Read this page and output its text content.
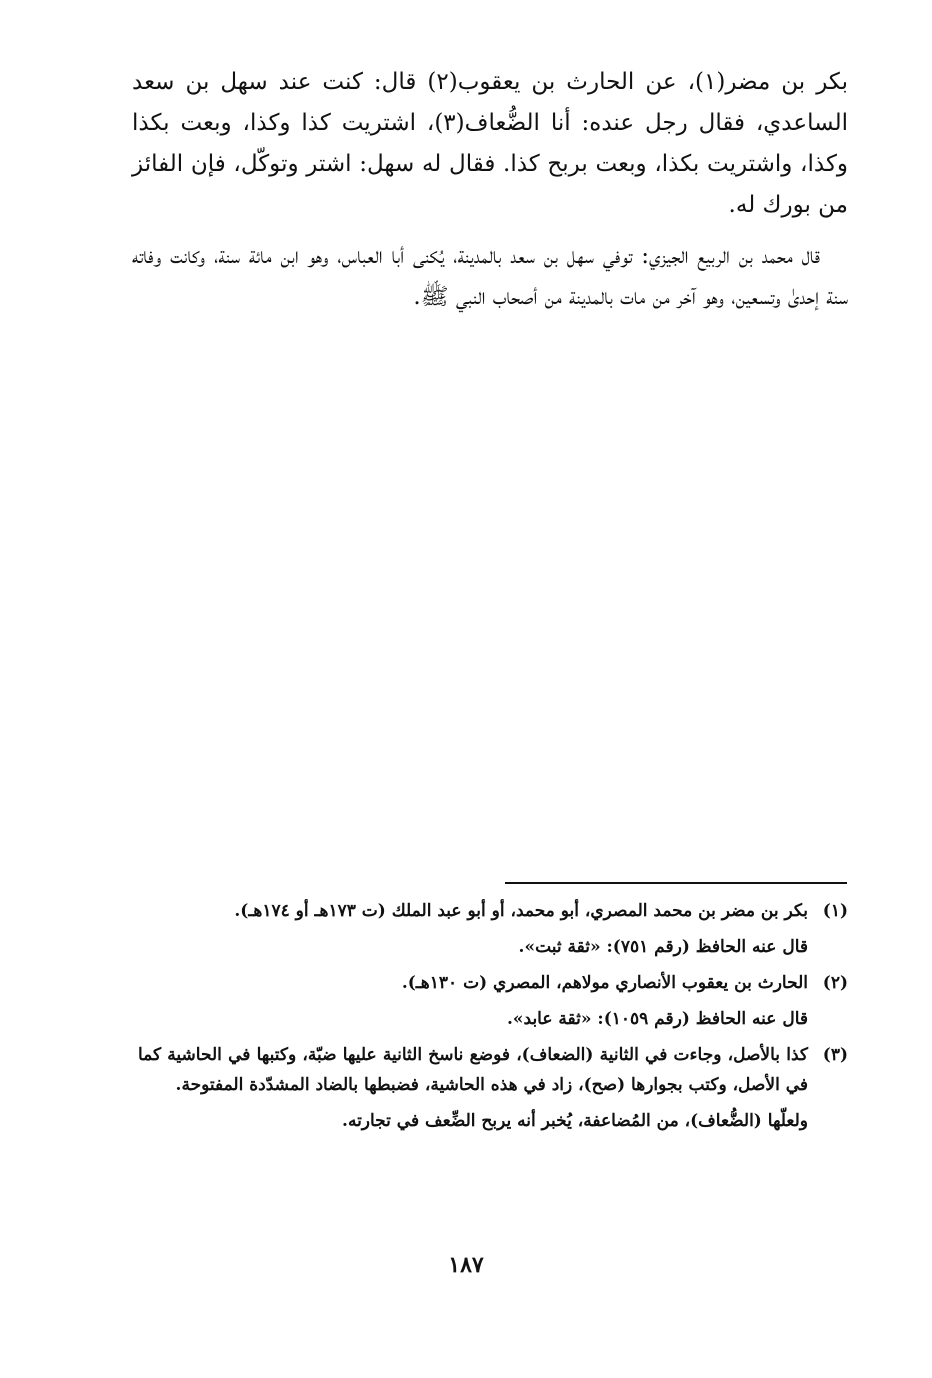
بكر بن مضر(١)، عن الحارث بن يعقوب(٢) قال: كنت عند سهل بن سعد الساعدي، فقال رجل عنده: أنا الضُّعاف(٣)، اشتريت كذا وكذا، وبعت بكذا وكذا، واشتريت بكذا، وبعت بربح كذا. فقال له سهل: اشتر وتوكّل، فإن الفائز من بورك له.

قال محمد بن الربيع الجيزي: توفي سهل بن سعد بالمدينة، يُكنى أبا العباس، وهو ابن مائة سنة، وكانت وفاته سنة إحدىٰ وتسعين، وهو آخر من مات بالمدينة من أصحاب النبي ﷺ.

(١)

بكر بن مضر بن محمد المصري، أبو محمد، أو أبو عبد الملك (ت ١٧٣هـ أو ١٧٤هـ).

قال عنه الحافظ (رقم ٧٥١): «ثقة ثبت».

(٢)

الحارث بن يعقوب الأنصاري مولاهم، المصري (ت ١٣٠هـ).

قال عنه الحافظ (رقم ١٠٥٩): «ثقة عابد».

(٣)

كذا بالأصل، وجاءت في الثانية (الضعاف)، فوضع ناسخ الثانية عليها ضبّة، وكتبها في الحاشية كما في الأصل، وكتب بجوارها (صح)، زاد في هذه الحاشية، فضبطها بالضاد المشدّدة المفتوحة.

ولعلّها (الضُّعاف)، من المُضاعفة، يُخبر أنه يربح الضِّعف في تجارته.

١٨٧
